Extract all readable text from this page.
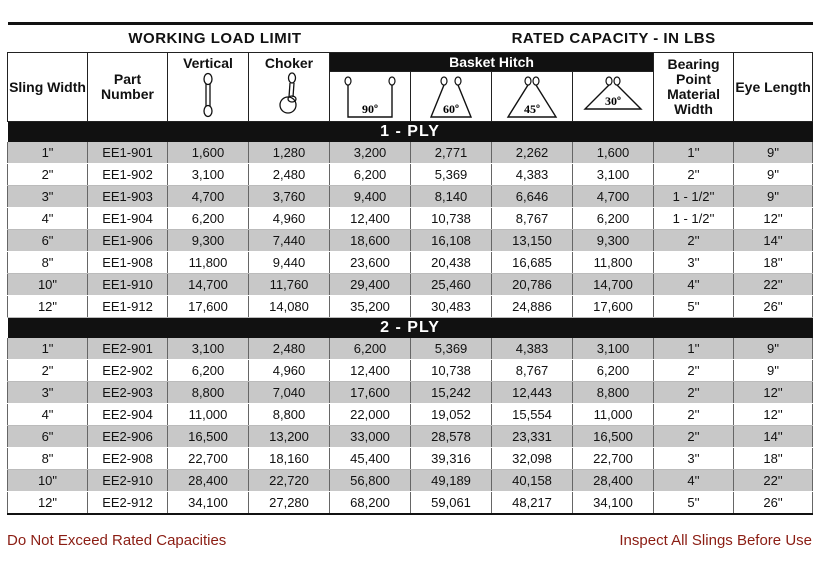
WORKING LOAD LIMIT				RATED CAPACITY - IN LBS					
Sling Width	Part Number	Vertical	Choker	Basket Hitch				Bearing Point Material Width	Eye Length

90º	60º	45º	30º		

1 - PLY									
1"	EE1-901	1,600	1,280	3,200	2,771	2,262	1,600	1''	9''
2"	EE1-902	3,100	2,480	6,200	5,369	4,383	3,100	2''	9''
3"	EE1-903	4,700	3,760	9,400	8,140	6,646	4,700	1 - 1/2''	9''
4"	EE1-904	6,200	4,960	12,400	10,738	8,767	6,200	1 - 1/2''	12''
6"	EE1-906	9,300	7,440	18,600	16,108	13,150	9,300	2''	14''
8"	EE1-908	11,800	9,440	23,600	20,438	16,685	11,800	3''	18''
10"	EE1-910	14,700	11,760	29,400	25,460	20,786	14,700	4''	22''
12"	EE1-912	17,600	14,080	35,200	30,483	24,886	17,600	5''	26''
2 - PLY									
1"	EE2-901	3,100	2,480	6,200	5,369	4,383	3,100	1''	9''
2"	EE2-902	6,200	4,960	12,400	10,738	8,767	6,200	2''	9''
3"	EE2-903	8,800	7,040	17,600	15,242	12,443	8,800	2''	12''
4"	EE2-904	11,000	8,800	22,000	19,052	15,554	11,000	2''	12''
6"	EE2-906	16,500	13,200	33,000	28,578	23,331	16,500	2''	14''
8"	EE2-908	22,700	18,160	45,400	39,316	32,098	22,700	3''	18''
10"	EE2-910	28,400	22,720	56,800	49,189	40,158	28,400	4''	22''
12"	EE2-912	34,100	27,280	68,200	59,061	48,217	34,100	5''	26''

Do Not Exceed Rated Capacities	Inspect All Slings Before Use
